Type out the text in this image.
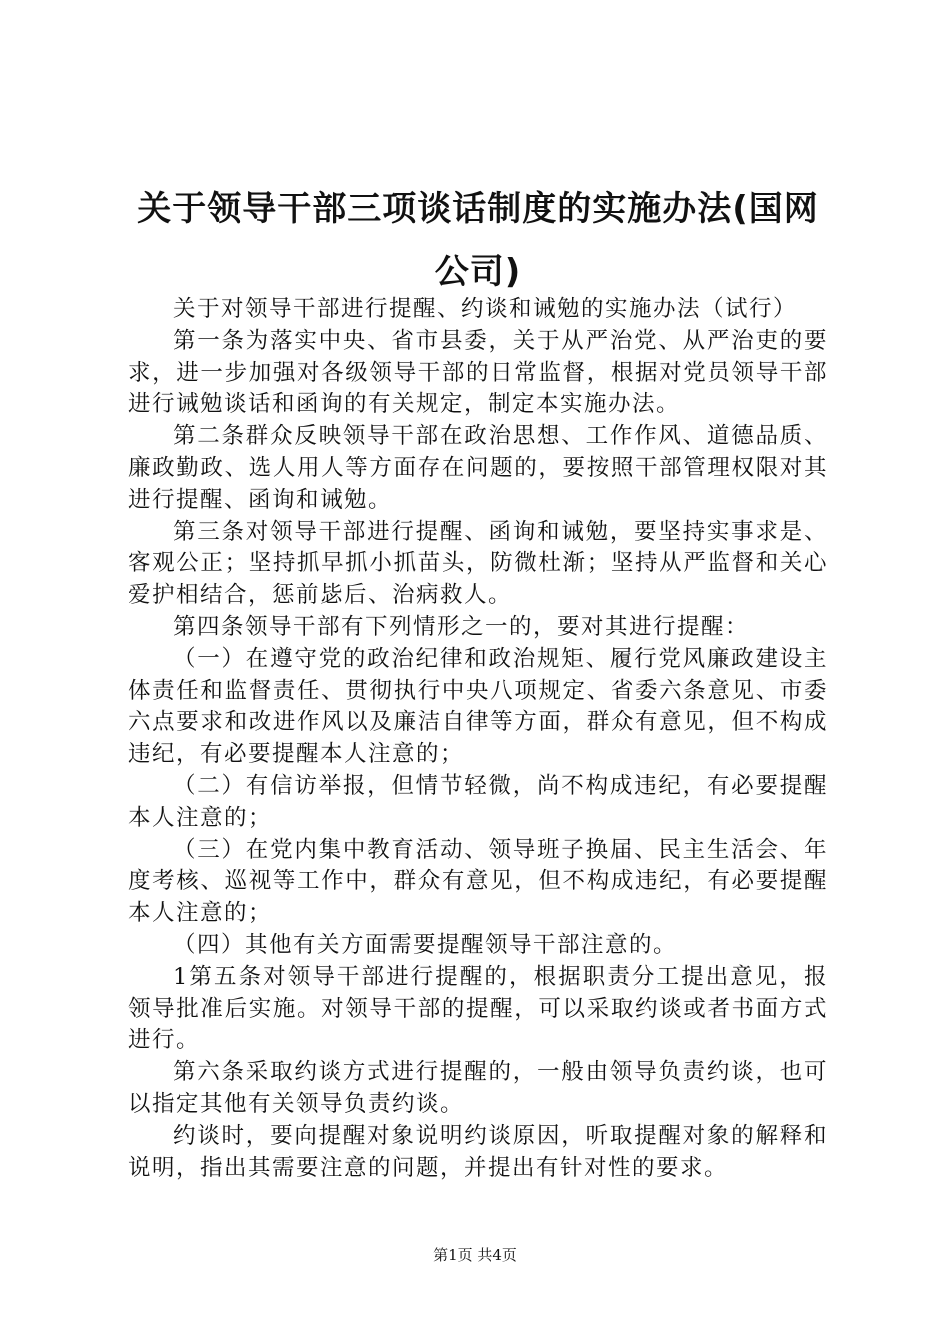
关于领导干部三项谈话制度的实施办法(国网公司)

关于对领导干部进行提醒、约谈和诫勉的实施办法（试行）

第一条为落实中央、省市县委，关于从严治党、从严治吏的要求，进一步加强对各级领导干部的日常监督，根据对党员领导干部进行诫勉谈话和函询的有关规定，制定本实施办法。

第二条群众反映领导干部在政治思想、工作作风、道德品质、廉政勤政、选人用人等方面存在问题的，要按照干部管理权限对其进行提醒、函询和诫勉。

第三条对领导干部进行提醒、函询和诫勉，要坚持实事求是、客观公正；坚持抓早抓小抓苗头，防微杜渐；坚持从严监督和关心爱护相结合，惩前毖后、治病救人。

第四条领导干部有下列情形之一的，要对其进行提醒：

（一）在遵守党的政治纪律和政治规矩、履行党风廉政建设主体责任和监督责任、贯彻执行中央八项规定、省委六条意见、市委六点要求和改进作风以及廉洁自律等方面，群众有意见，但不构成违纪，有必要提醒本人注意的；

（二）有信访举报，但情节轻微，尚不构成违纪，有必要提醒本人注意的；

（三）在党内集中教育活动、领导班子换届、民主生活会、年度考核、巡视等工作中，群众有意见，但不构成违纪，有必要提醒本人注意的；

（四）其他有关方面需要提醒领导干部注意的。

1第五条对领导干部进行提醒的，根据职责分工提出意见，报领导批准后实施。对领导干部的提醒，可以采取约谈或者书面方式进行。

第六条采取约谈方式进行提醒的，一般由领导负责约谈，也可以指定其他有关领导负责约谈。

约谈时，要向提醒对象说明约谈原因，听取提醒对象的解释和说明，指出其需要注意的问题，并提出有针对性的要求。

第1页 共4页
